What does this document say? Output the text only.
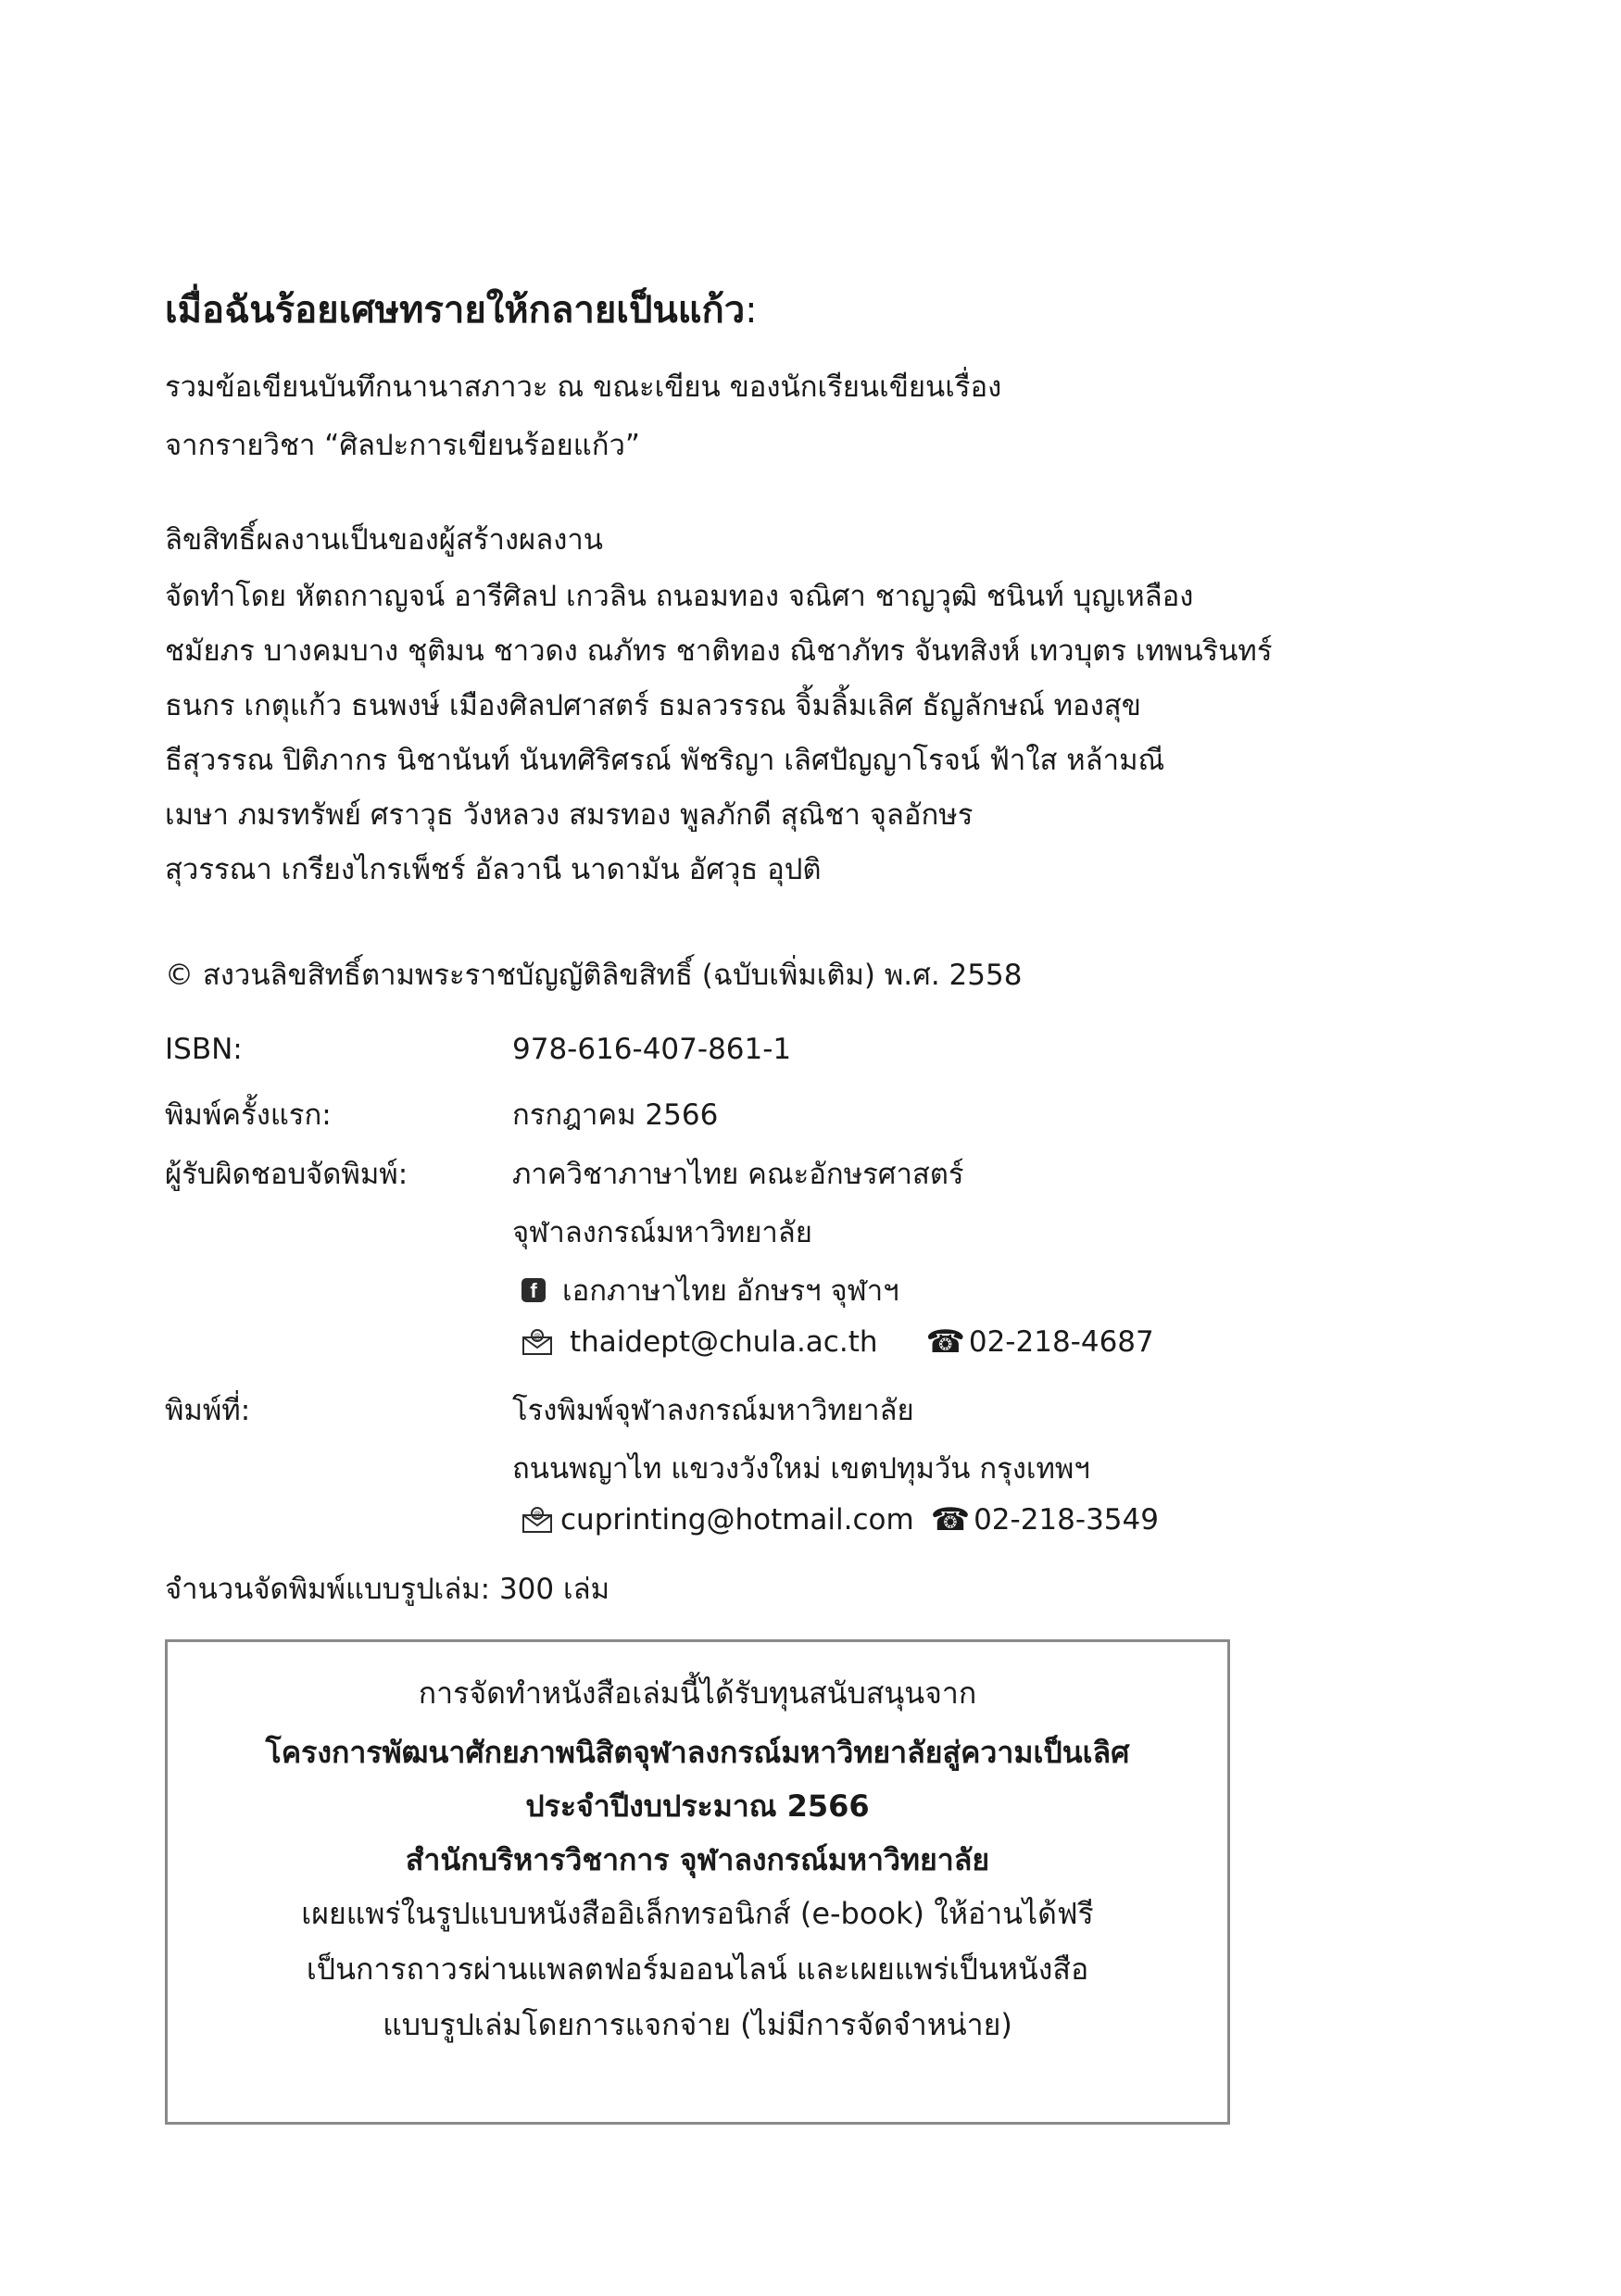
เมื่อฉันร้อยเศษทรายให้กลายเป็นแก้ว:

รวมข้อเขียนบันทึกนานาสภาวะ ณ ขณะเขียน ของนักเรียนเขียนเรื่อง

จากรายวิชา “ศิลปะการเขียนร้อยแก้ว”

ลิขสิทธิ์ผลงานเป็นของผู้สร้างผลงาน

จัดทำโดย หัตถกาญจน์ อารีศิลป เกวลิน ถนอมทอง จณิศา ชาญวุฒิ ชนินท์ บุญเหลือง

ชมัยภร บางคมบาง ชุติมน ชาวดง ณภัทร ชาติทอง ณิชาภัทร จันทสิงห์ เทวบุตร เทพนรินทร์

ธนกร เกตุแก้ว ธนพงษ์ เมืองศิลปศาสตร์ ธมลวรรณ จิ้มลิ้มเลิศ ธัญลักษณ์ ทองสุข

ธีสุวรรณ ปิติภากร นิชานันท์ นันทศิริศรณ์ พัชริญา เลิศปัญญาโรจน์ ฟ้าใส หล้ามณี

เมษา ภมรทรัพย์ ศราวุธ วังหลวง สมรทอง พูลภักดี สุณิชา จุลอักษร

สุวรรณา เกรียงไกรเพ็ชร์ อัลวานี นาดามัน อัศวุธ อุปติ

© สงวนลิขสิทธิ์ตามพระราชบัญญัติลิขสิทธิ์ (ฉบับเพิ่มเติม) พ.ศ. 2558

ISBN:	978-616-407-861-1
พิมพ์ครั้งแรก:	กรกฎาคม 2566
ผู้รับผิดชอบจัดพิมพ์:	ภาควิชาภาษาไทย คณะอักษรศาสตร์
จุฬาลงกรณ์มหาวิทยาลัย
f เอกภาษาไทย อักษรฯ จุฬาฯ
@ thaidept@chula.ac.th ☎ 02-218-4687
พิมพ์ที่:	โรงพิมพ์จุฬาลงกรณ์มหาวิทยาลัย
ถนนพญาไท แขวงวังใหม่ เขตปทุมวัน กรุงเทพฯ
@ cuprinting@hotmail.com ☎ 02-218-3549
จำนวนจัดพิมพ์แบบรูปเล่ม: 300 เล่ม
การจัดทำหนังสือเล่มนี้ได้รับทุนสนับสนุนจาก
โครงการพัฒนาศักยภาพนิสิตจุฬาลงกรณ์มหาวิทยาลัยสู่ความเป็นเลิศ
ประจำปีงบประมาณ 2566
สำนักบริหารวิชาการ จุฬาลงกรณ์มหาวิทยาลัย
เผยแพร่ในรูปแบบหนังสืออิเล็กทรอนิกส์ (e-book) ให้อ่านได้ฟรี
เป็นการถาวรผ่านแพลตฟอร์มออนไลน์ และเผยแพร่เป็นหนังสือ
แบบรูปเล่มโดยการแจกจ่าย (ไม่มีการจัดจำหน่าย)
